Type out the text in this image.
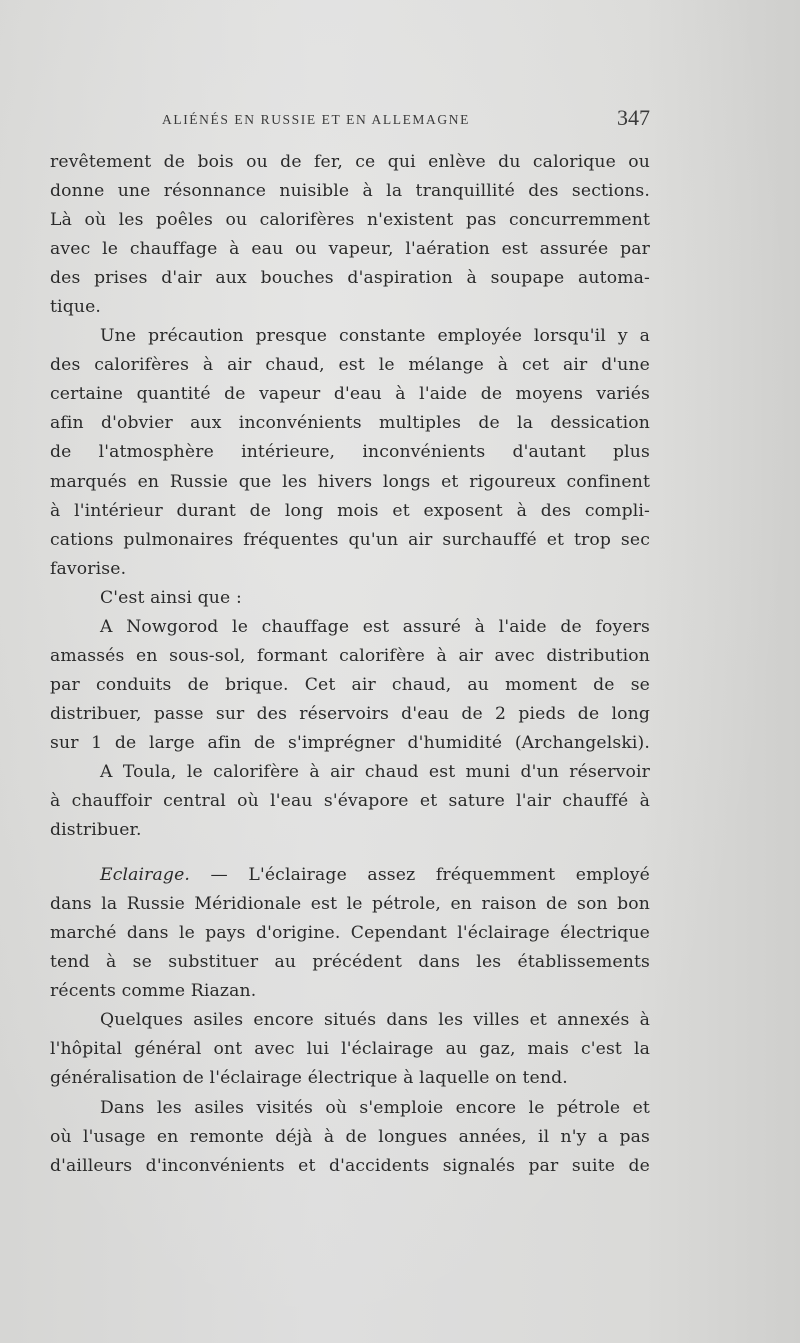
ALIÉNÉS EN RUSSIE ET EN ALLEMAGNE	347
revêtement de bois ou de fer, ce qui enlève du calorique ou
donne une résonnance nuisible à la tranquillité des sections.
Là où les poêles ou calorifères n'existent pas concurremment
avec le chauffage à eau ou vapeur, l'aération est assurée par
des prises d'air aux bouches d'aspiration à soupape automa-
tique.
Une précaution presque constante employée lorsqu'il y a
des calorifères à air chaud, est le mélange à cet air d'une
certaine quantité de vapeur d'eau à l'aide de moyens variés
afin d'obvier aux inconvénients multiples de la dessication
de l'atmosphère intérieure, inconvénients d'autant plus
marqués en Russie que les hivers longs et rigoureux confinent
à l'intérieur durant de long mois et exposent à des compli-
cations pulmonaires fréquentes qu'un air surchauffé et trop sec
favorise.
C'est ainsi que :
A Nowgorod le chauffage est assuré à l'aide de foyers
amassés en sous-sol, formant calorifère à air avec distribution
par conduits de brique. Cet air chaud, au moment de se
distribuer, passe sur des réservoirs d'eau de 2 pieds de long
sur 1 de large afin de s'imprégner d'humidité (Archangelski).
A Toula, le calorifère à air chaud est muni d'un réservoir
à chauffoir central où l'eau s'évapore et sature l'air chauffé à
distribuer.
Eclairage. — L'éclairage assez fréquemment employé
dans la Russie Méridionale est le pétrole, en raison de son bon
marché dans le pays d'origine. Cependant l'éclairage électrique
tend à se substituer au précédent dans les établissements
récents comme Riazan.
Quelques asiles encore situés dans les villes et annexés à
l'hôpital général ont avec lui l'éclairage au gaz, mais c'est la
généralisation de l'éclairage électrique à laquelle on tend.
Dans les asiles visités où s'emploie encore le pétrole et
où l'usage en remonte déjà à de longues années, il n'y a pas
d'ailleurs d'inconvénients et d'accidents signalés par suite de
